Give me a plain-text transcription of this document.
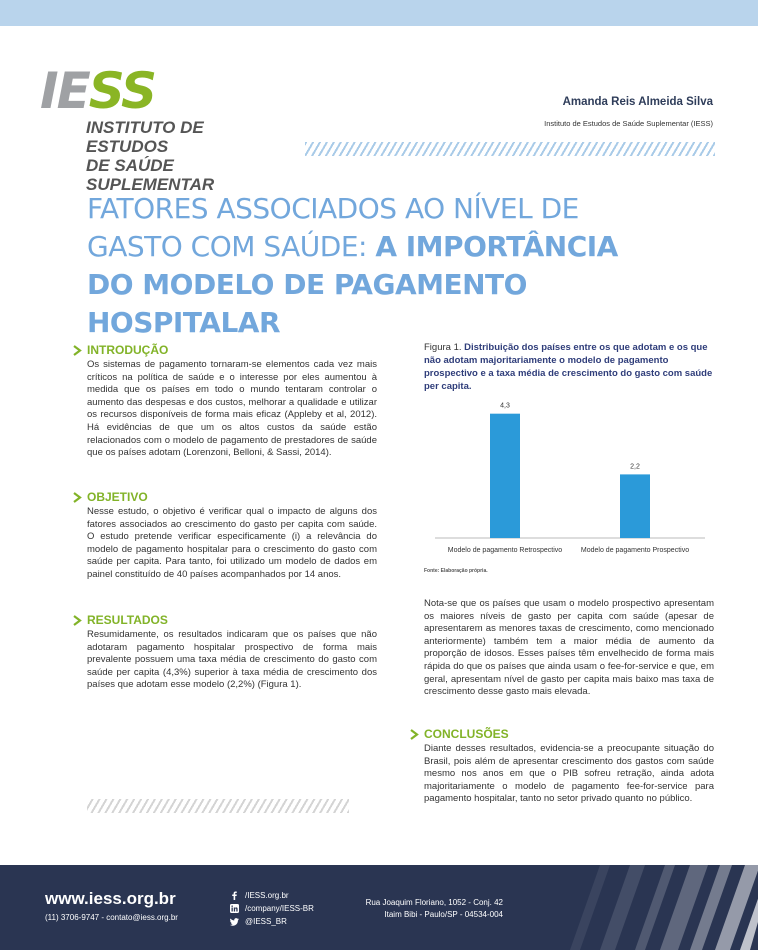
IESS
INSTITUTO DE ESTUDOS
DE SAÚDE SUPLEMENTAR
Amanda Reis Almeida Silva
Instituto de Estudos de Saúde Suplementar (IESS)
FATORES ASSOCIADOS AO NÍVEL DE GASTO COM SAÚDE: A IMPORTÂNCIA DO MODELO DE PAGAMENTO HOSPITALAR
INTRODUÇÃO

Os sistemas de pagamento tornaram-se elementos cada vez mais críticos na política de saúde e o interesse por eles aumentou à medida que os países em todo o mundo tentaram controlar o aumento das despesas e dos custos, melhorar a qualidade e utilizar os recursos disponíveis de forma mais eficaz (Appleby et al, 2012). Há evidências de que um os altos custos da saúde estão relacionados com o modelo de pagamento de prestadores de saúde que os países adotam (Lorenzoni, Belloni, & Sassi, 2014).

OBJETIVO

Nesse estudo, o objetivo é verificar qual o impacto de alguns dos fatores associados ao crescimento do gasto per capita com saúde. O estudo pretende verificar especificamente (i) a relevância do modelo de pagamento hospitalar para o crescimento do gasto com saúde per capita. Para tanto, foi utilizado um modelo de dados em painel constituído de 40 países acompanhados por 14 anos.

RESULTADOS

Resumidamente, os resultados indicaram que os países que não adotaram pagamento hospitalar prospectivo de forma mais prevalente possuem uma taxa média de crescimento do gasto com saúde per capita (4,3%) superior à taxa média de crescimento dos países que adotam esse modelo (2,2%) (Figura 1).

Figura 1. Distribuição dos países entre os que adotam e os que não adotam majoritariamente o modelo de pagamento prospectivo e a taxa média de crescimento do gasto com saúde per capita.
4,3
Modelo de pagamento Retrospectivo
2,2
Modelo de pagamento Prospectivo
Fonte: Elaboração própria.

Nota-se que os países que usam o modelo prospectivo apresentam os maiores níveis de gasto per capita com saúde (apesar de apresentarem as menores taxas de crescimento, como mencionado anteriormente) também tem a maior média de aumento da proporção de idosos. Esses países têm envelhecido de forma mais rápida do que os países que ainda usam o fee-for-service e que, em geral, apresentam nível de gasto per capita mais baixo mas taxa de crescimento desse gasto mais elevada.

CONCLUSÕES

Diante desses resultados, evidencia-se a preocupante situação do Brasil, pois além de apresentar crescimento dos gastos com saúde mesmo nos anos em que o PIB sofreu retração, ainda adota majoritariamente o modelo de pagamento fee-for-service para pagamento hospitalar, tanto no setor privado quanto no público.

www.iess.org.br
(11) 3706-9747 - contato@iess.org.br
/IESS.org.br
/company/IESS-BR
@IESS_BR
Rua Joaquim Floriano, 1052 - Conj. 42
Itaim Bibi - Paulo/SP - 04534-004
